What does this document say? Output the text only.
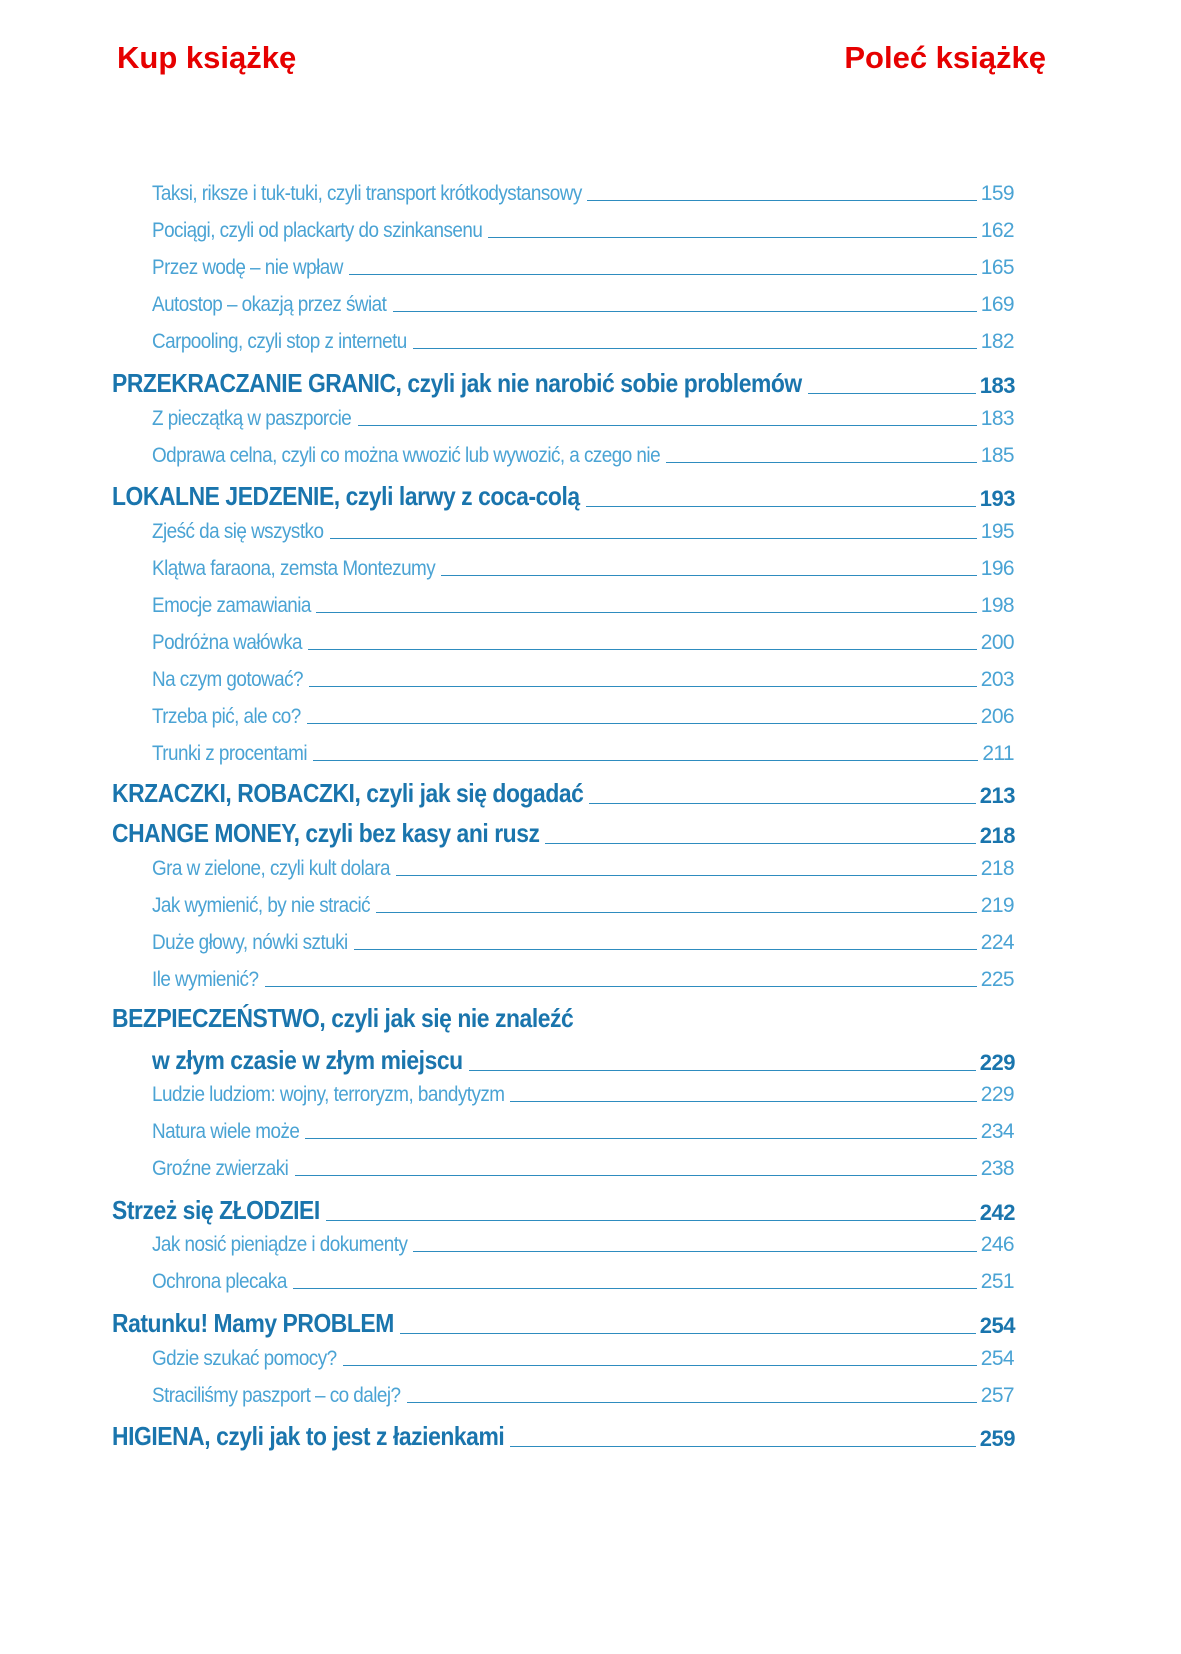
Kup książkę	Poleć książkę
Taksi, riksze i tuk-tuki, czyli transport krótkodystansowy	159
Pociągi, czyli od plackarty do szinkansenu	162
Przez wodę – nie wpław	165
Autostop – okazją przez świat	169
Carpooling, czyli stop z internetu	182
PRZEKRACZANIE GRANIC, czyli jak nie narobić sobie problemów	183
Z pieczątką w paszporcie	183
Odprawa celna, czyli co można wwozić lub wywozić, a czego nie	185
LOKALNE JEDZENIE, czyli larwy z coca-colą	193
Zjeść da się wszystko	195
Klątwa faraona, zemsta Montezumy	196
Emocje zamawiania	198
Podróżna wałówka	200
Na czym gotować?	203
Trzeba pić, ale co?	206
Trunki z procentami	211
KRZACZKI, ROBACZKI, czyli jak się dogadać	213
CHANGE MONEY, czyli bez kasy ani rusz	218
Gra w zielone, czyli kult dolara	218
Jak wymienić, by nie stracić	219
Duże głowy, nówki sztuki	224
Ile wymienić?	225
BEZPIECZEŃSTWO, czyli jak się nie znaleźć
w złym czasie w złym miejscu	229
Ludzie ludziom: wojny, terroryzm, bandytyzm	229
Natura wiele może	234
Groźne zwierzaki	238
Strzeż się ZŁODZIEI	242
Jak nosić pieniądze i dokumenty	246
Ochrona plecaka	251
Ratunku! Mamy PROBLEM	254
Gdzie szukać pomocy?	254
Straciliśmy paszport – co dalej?	257
HIGIENA, czyli jak to jest z łazienkami	259
